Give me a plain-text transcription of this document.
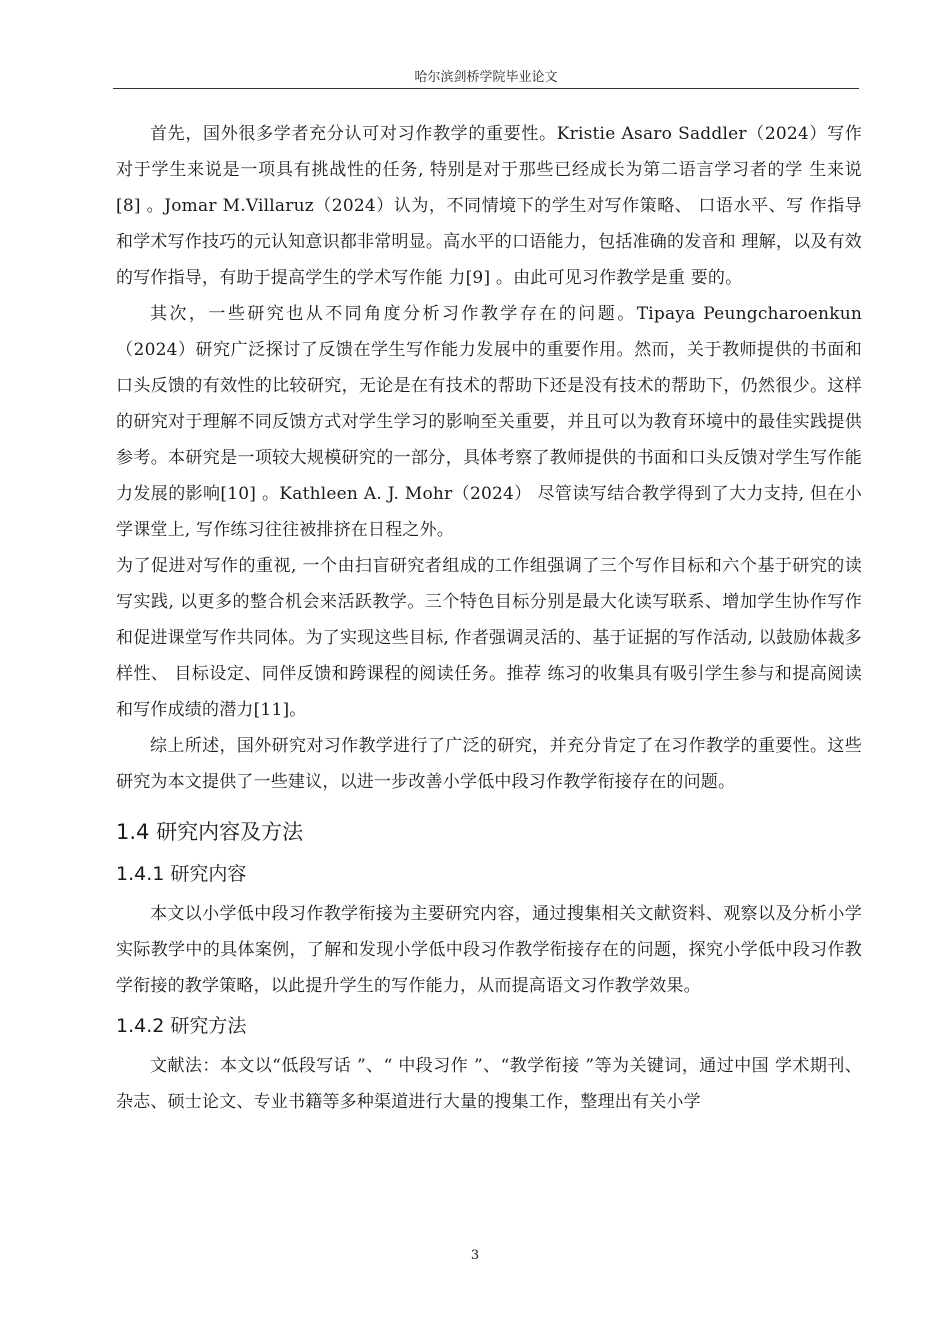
哈尔滨剑桥学院毕业论文

首先，国外很多学者充分认可对习作教学的重要性。Kristie Asaro Saddler（2024）写作 对于学生来说是一项具有挑战性的任务, 特别是对于那些已经成长为第二语言学习者的学 生来说[8] 。Jomar M.Villaruz（2024）认为，不同情境下的学生对写作策略、 口语水平、写 作指导和学术写作技巧的元认知意识都非常明显。高水平的口语能力，包括准确的发音和 理解，以及有效的写作指导，有助于提高学生的学术写作能 力[9] 。由此可见习作教学是重 要的。

其次，一些研究也从不同角度分析习作教学存在的问题。Tipaya Peungcharoenkun（2024）研究广泛探讨了反馈在学生写作能力发展中的重要作用。然而，关于教师提供的书面和口头反馈的有效性的比较研究，无论是在有技术的帮助下还是没有技术的帮助下，仍然很少。这样的研究对于理解不同反馈方式对学生学习的影响至关重要，并且可以为教育环境中的最佳实践提供参考。本研究是一项较大规模研究的一部分，具体考察了教师提供的书面和口头反馈对学生写作能力发展的影响[10] 。Kathleen A. J. Mohr（2024） 尽管读写结合教学得到了大力支持, 但在小学课堂上, 写作练习往往被排挤在日程之外。

为了促进对写作的重视, 一个由扫盲研究者组成的工作组强调了三个写作目标和六个基于研究的读写实践, 以更多的整合机会来活跃教学。三个特色目标分别是最大化读写联系、增加学生协作写作和促进课堂写作共同体。为了实现这些目标, 作者强调灵活的、基于证据的写作活动, 以鼓励体裁多样性、 目标设定、同伴反馈和跨课程的阅读任务。推荐 练习的收集具有吸引学生参与和提高阅读和写作成绩的潜力[11]。

综上所述，国外研究对习作教学进行了广泛的研究，并充分肯定了在习作教学的重要性。这些研究为本文提供了一些建议，以进一步改善小学低中段习作教学衔接存在的问题。

1.4 研究内容及方法
1.4.1 研究内容

本文以小学低中段习作教学衔接为主要研究内容，通过搜集相关文献资料、观察以及分析小学实际教学中的具体案例，了解和发现小学低中段习作教学衔接存在的问题，探究小学低中段习作教学衔接的教学策略，以此提升学生的写作能力，从而提高语文习作教学效果。

1.4.2 研究方法

文献法：本文以“低段写话 ”、“ 中段习作 ”、“教学衔接 ”等为关键词，通过中国 学术期刊、杂志、硕士论文、专业书籍等多种渠道进行大量的搜集工作，整理出有关小学

3
